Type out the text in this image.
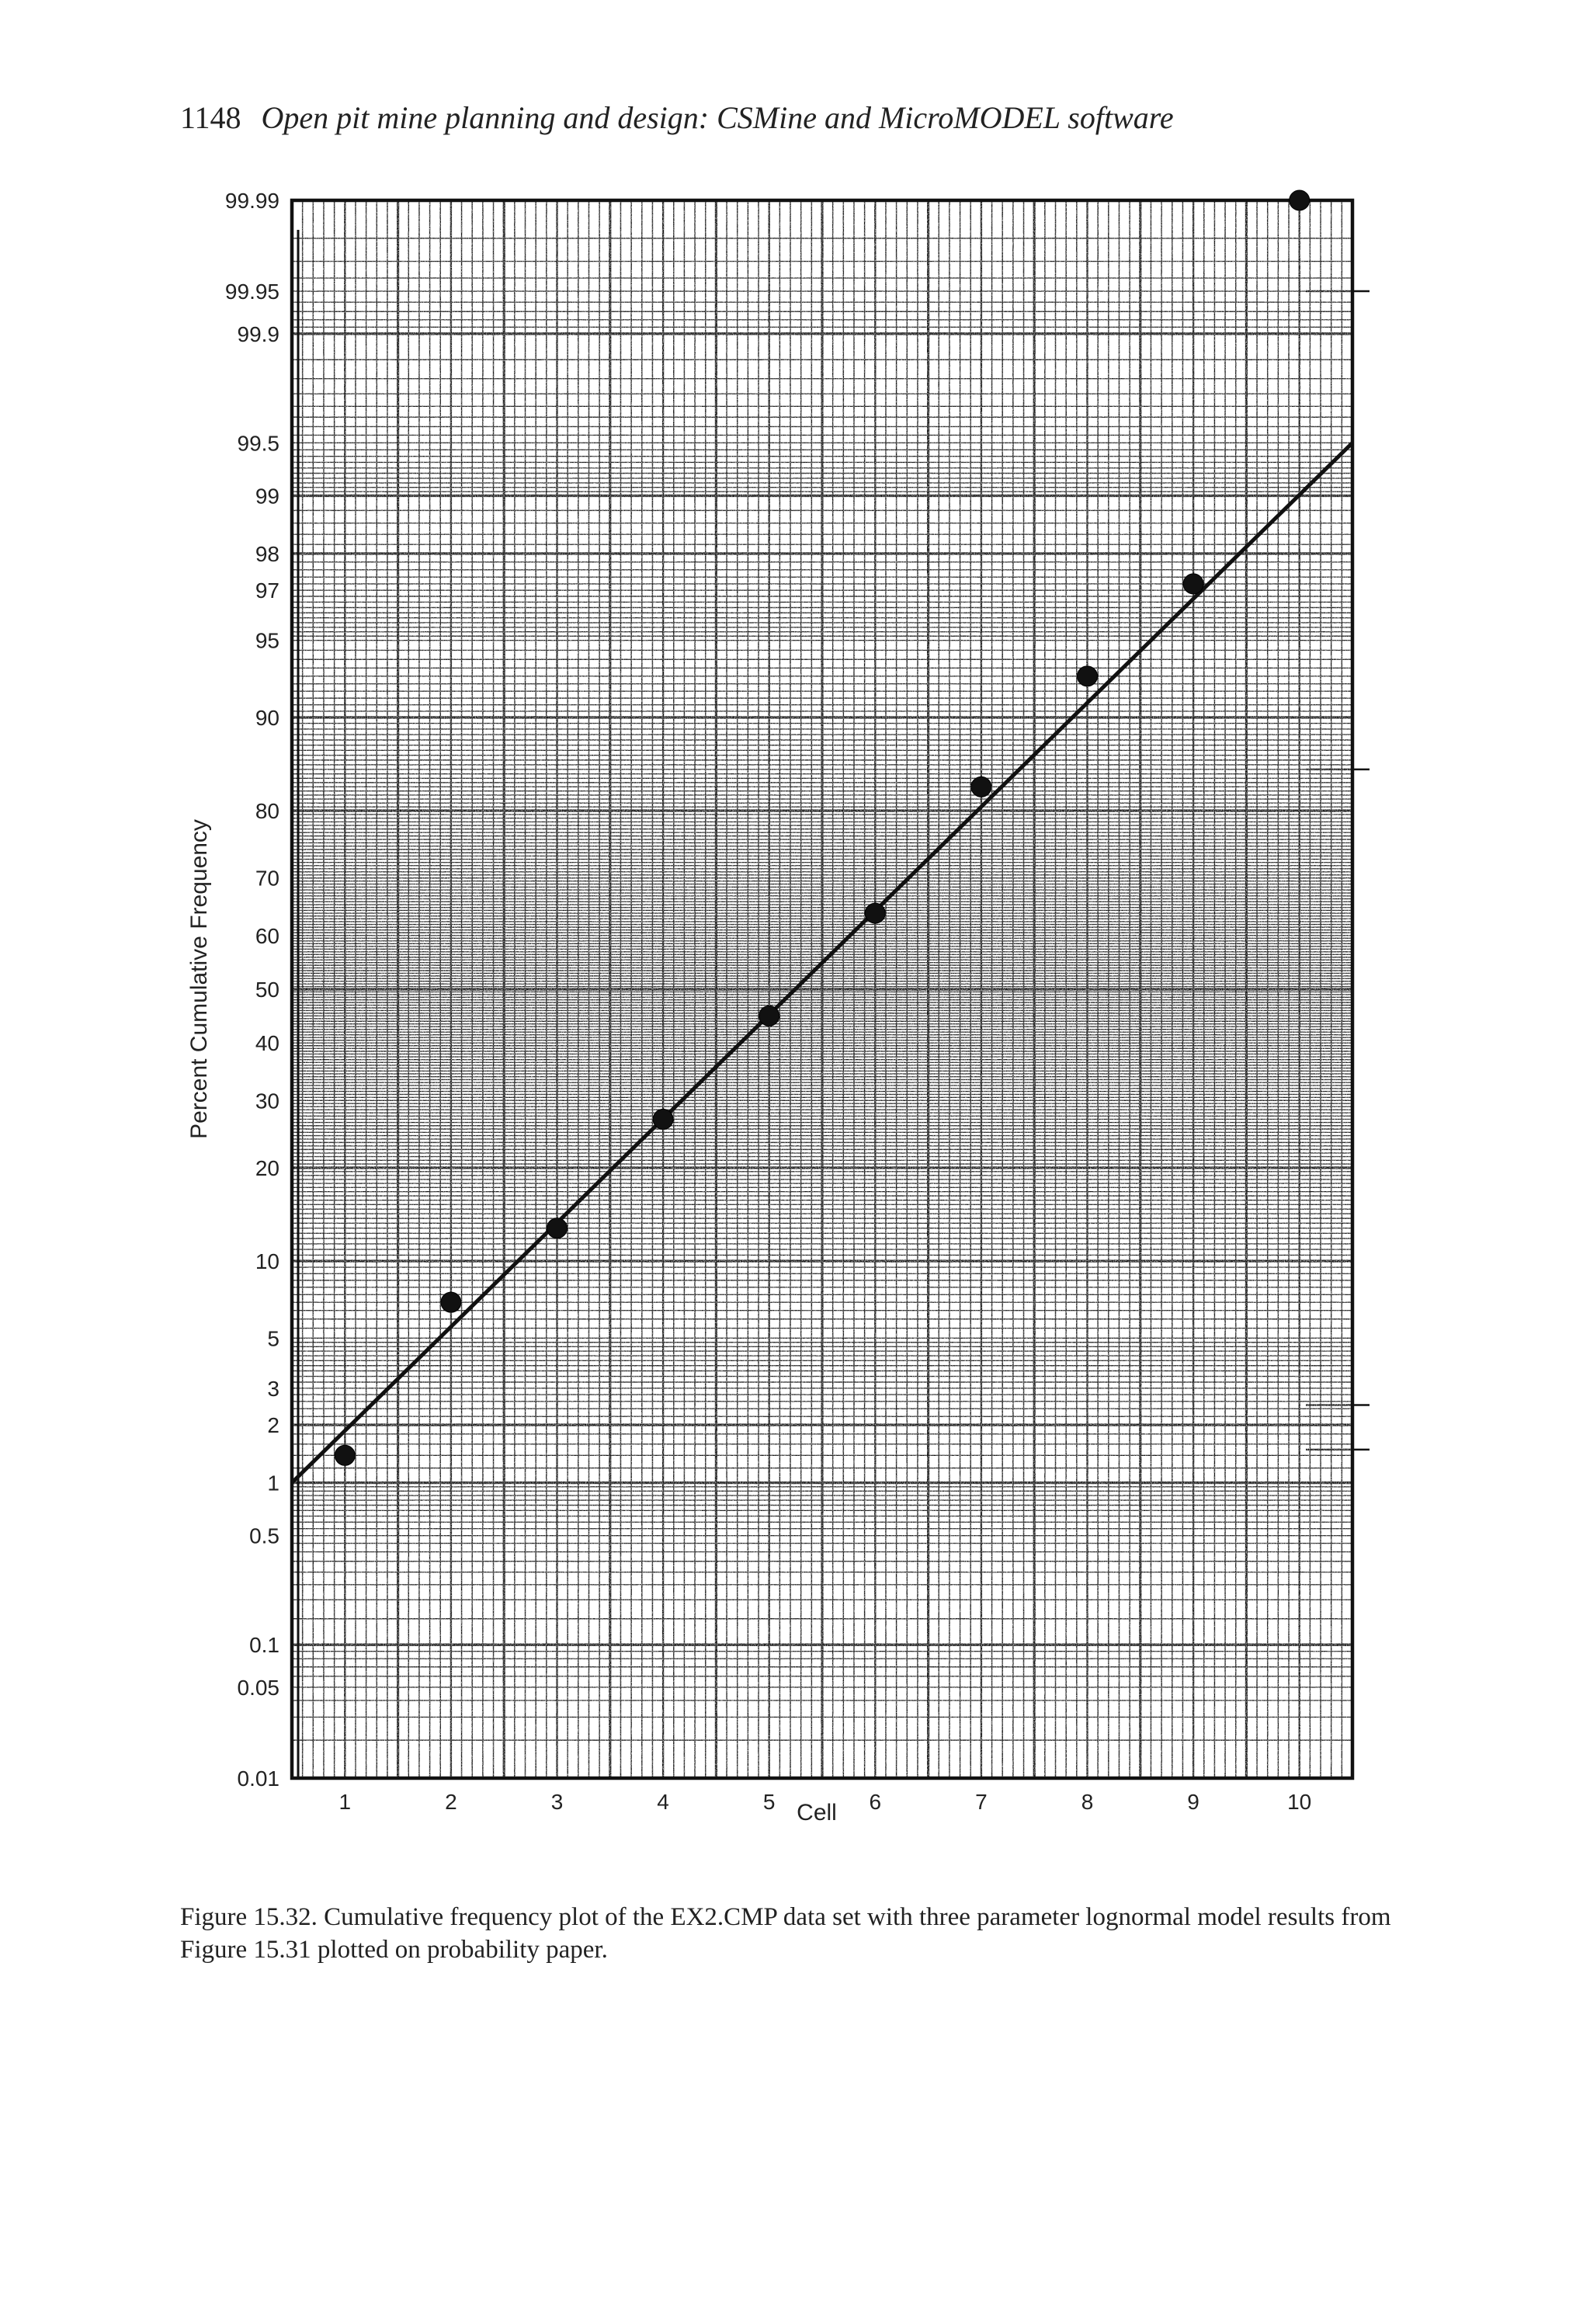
1148 Open pit mine planning and design: CSMine and MicroMODEL software
0.01
0.05
0.1
0.5
1
2
3
5
10
20
30
40
50
60
70
80
90
95
97
98
99
99.5
99.9
99.95
99.99
1	2	3	4	5	6	7	8	9	10
Percent Cumulative Frequency
Cell
Figure 15.32. Cumulative frequency plot of the EX2.CMP data set with three parameter lognormal model results from Figure 15.31 plotted on probability paper.
